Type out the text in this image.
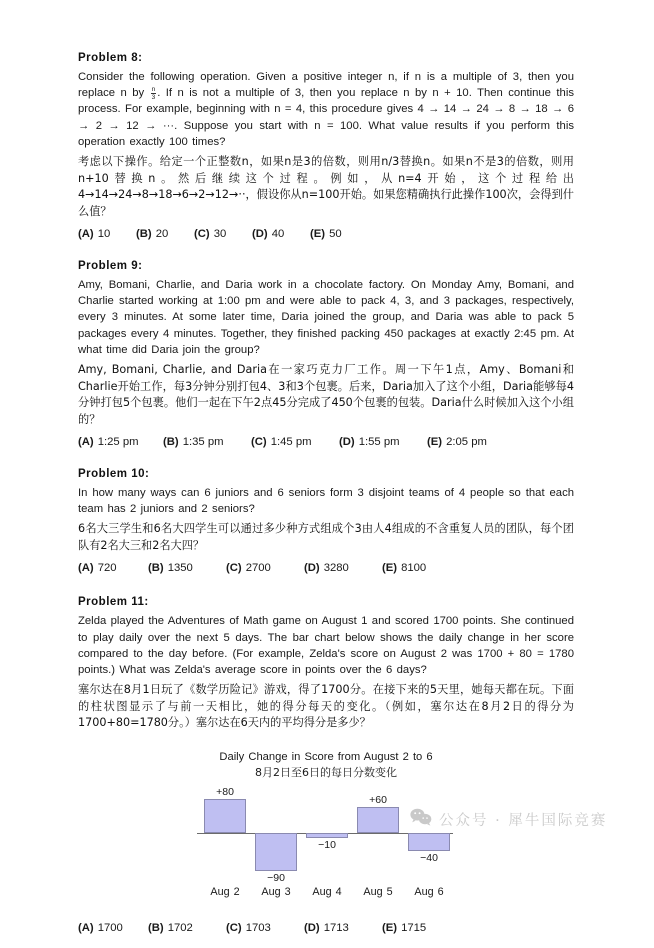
Problem 8:

Consider the following operation. Given a positive integer n, if n is a multiple of 3, then you replace n by $\frac{n}{3}$ . If n is not a multiple of 3, then you replace n by n + 10. Then continue this process. For example, beginning with n = 4, this procedure gives 4 → 14 → 24 → 8 → 18 → 6 → 2 → 12 → ···. Suppose you start with n = 100. What value results if you perform this operation exactly 100 times?

考虑以下操作。给定一个正整数n，如果n是3的倍数，则用n/3替换n。如果n不是3的倍数，则用n+10替换n。然后继续这个过程。例如，从n=4开始，这个过程给出4→14→24→8→18→6→2→12→··，假设你从n=100开始。如果您精确执行此操作100次，会得到什么值？

(A) 10 (B) 20 (C) 30 (D) 40 (E) 50
Problem 9:

Amy, Bomani, Charlie, and Daria work in a chocolate factory. On Monday Amy, Bomani, and Charlie started working at 1:00 pm and were able to pack 4, 3, and 3 packages, respectively, every 3 minutes. At some later time, Daria joined the group, and Daria was able to pack 5 packages every 4 minutes. Together, they finished packing 450 packages at exactly 2:45 pm. At what time did Daria join the group?

Amy, Bomani, Charlie, and Daria在一家巧克力厂工作。周一下午1点，Amy、Bomani和Charlie开始工作，每3分钟分别打包4、3和3个包裹。后来，Daria加入了这个小组，Daria能够每4分钟打包5个包裹。他们一起在下午2点45分完成了450个包裹的包装。Daria什么时候加入这个小组的？

(A) 1:25 pm (B) 1:35 pm (C) 1:45 pm (D) 1:55 pm (E) 2:05 pm
Problem 10:

In how many ways can 6 juniors and 6 seniors form 3 disjoint teams of 4 people so that each team has 2 juniors and 2 seniors?

6名大三学生和6名大四学生可以通过多少种方式组成个3由人4组成的不含重复人员的团队，每个团队有2名大三和2名大四？

(A) 720	(B) 1350	(C) 2700	(D) 3280	(E) 8100
Problem 11:

Zelda played the Adventures of Math game on August 1 and scored 1700 points. She continued to play daily over the next 5 days. The bar chart below shows the daily change in her score compared to the day before. (For example, Zelda's score on August 2 was 1700 + 80 = 1780 points.) What was Zelda's average score in points over the 6 days?

塞尔达在8月1日玩了《数学历险记》游戏，得了1700分。在接下来的5天里，她每天都在玩。下面的柱状图显示了与前一天相比，她的得分每天的变化。（例如，塞尔达在8月2日的得分为1700+80=1780分。）塞尔达在6天内的平均得分是多少？

Daily Change in Score from August 2 to 6
8月2日至6日的每日分数变化
+80
−90
−10
+60
−40
Aug 2	Aug 3	Aug 4	Aug 5	Aug 6
(A) 1700 (B) 1702	(C) 1703	(D) 1713	(E) 1715
公众号 · 犀牛国际竞赛
